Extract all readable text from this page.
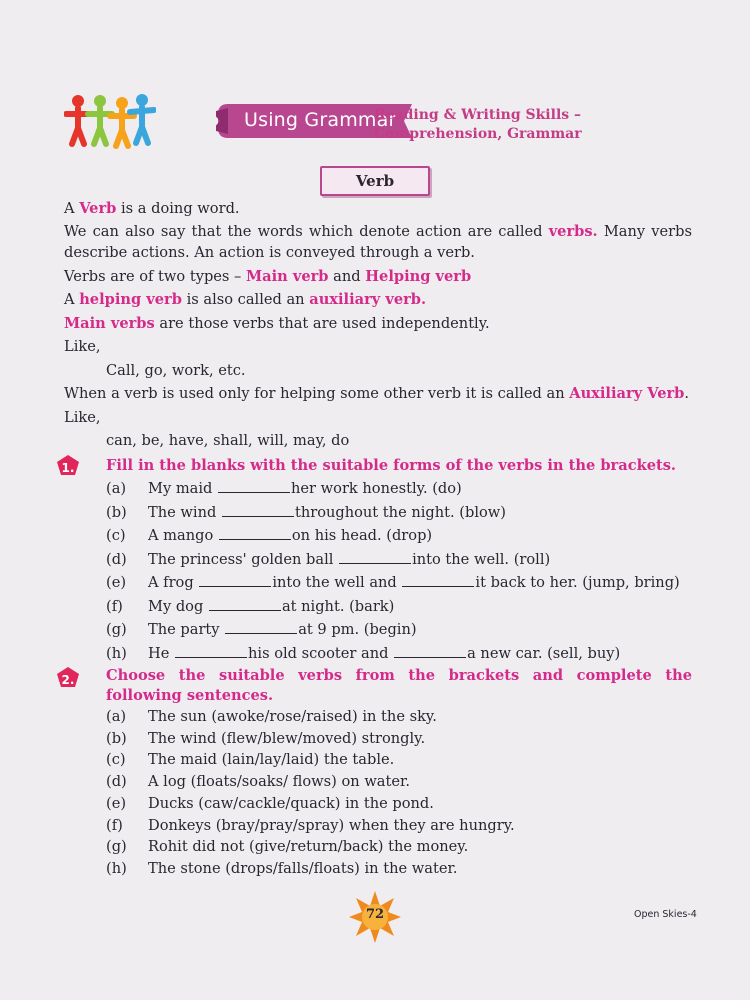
Using Grammar
Reading & Writing Skills –
Comprehension, Grammar
Verb

A Verb is a doing word.

We can also say that the words which denote action are called verbs. Many verbs describe actions. An action is conveyed through a verb.

Verbs are of two types – Main verb and Helping verb

A helping verb is also called an auxiliary verb.

Main verbs are those verbs that are used independently.

Like,

Call, go, work, etc.

When a verb is used only for helping some other verb it is called an Auxiliary Verb.

Like,

can, be, have, shall, will, may, do

1.	Fill in the blanks with the suitable forms of the verbs in the brackets.
(a)	My maid	her work honestly. (do)
(b)	The wind	throughout the night. (blow)
(c)	A mango	on his head. (drop)
(d)	The princess' golden ball	into the well. (roll)
(e)	A frog	into the well and	it back to her. (jump, bring)
(f)	My dog	at night. (bark)
(g)	The party	at 9 pm. (begin)
(h)	He	his old scooter and	a new car. (sell, buy)
2.	Choose the suitable verbs from the brackets and complete the following sentences.
(a)	The sun (awoke/rose/raised) in the sky.
(b)	The wind (flew/blew/moved) strongly.
(c)	The maid (lain/lay/laid) the table.
(d)	A log (floats/soaks/ flows) on water.
(e)	Ducks (caw/cackle/quack) in the pond.
(f)	Donkeys (bray/pray/spray) when they are hungry.
(g)	Rohit did not (give/return/back) the money.
(h)	The stone (drops/falls/floats) in the water.
72	Open Skies-4
